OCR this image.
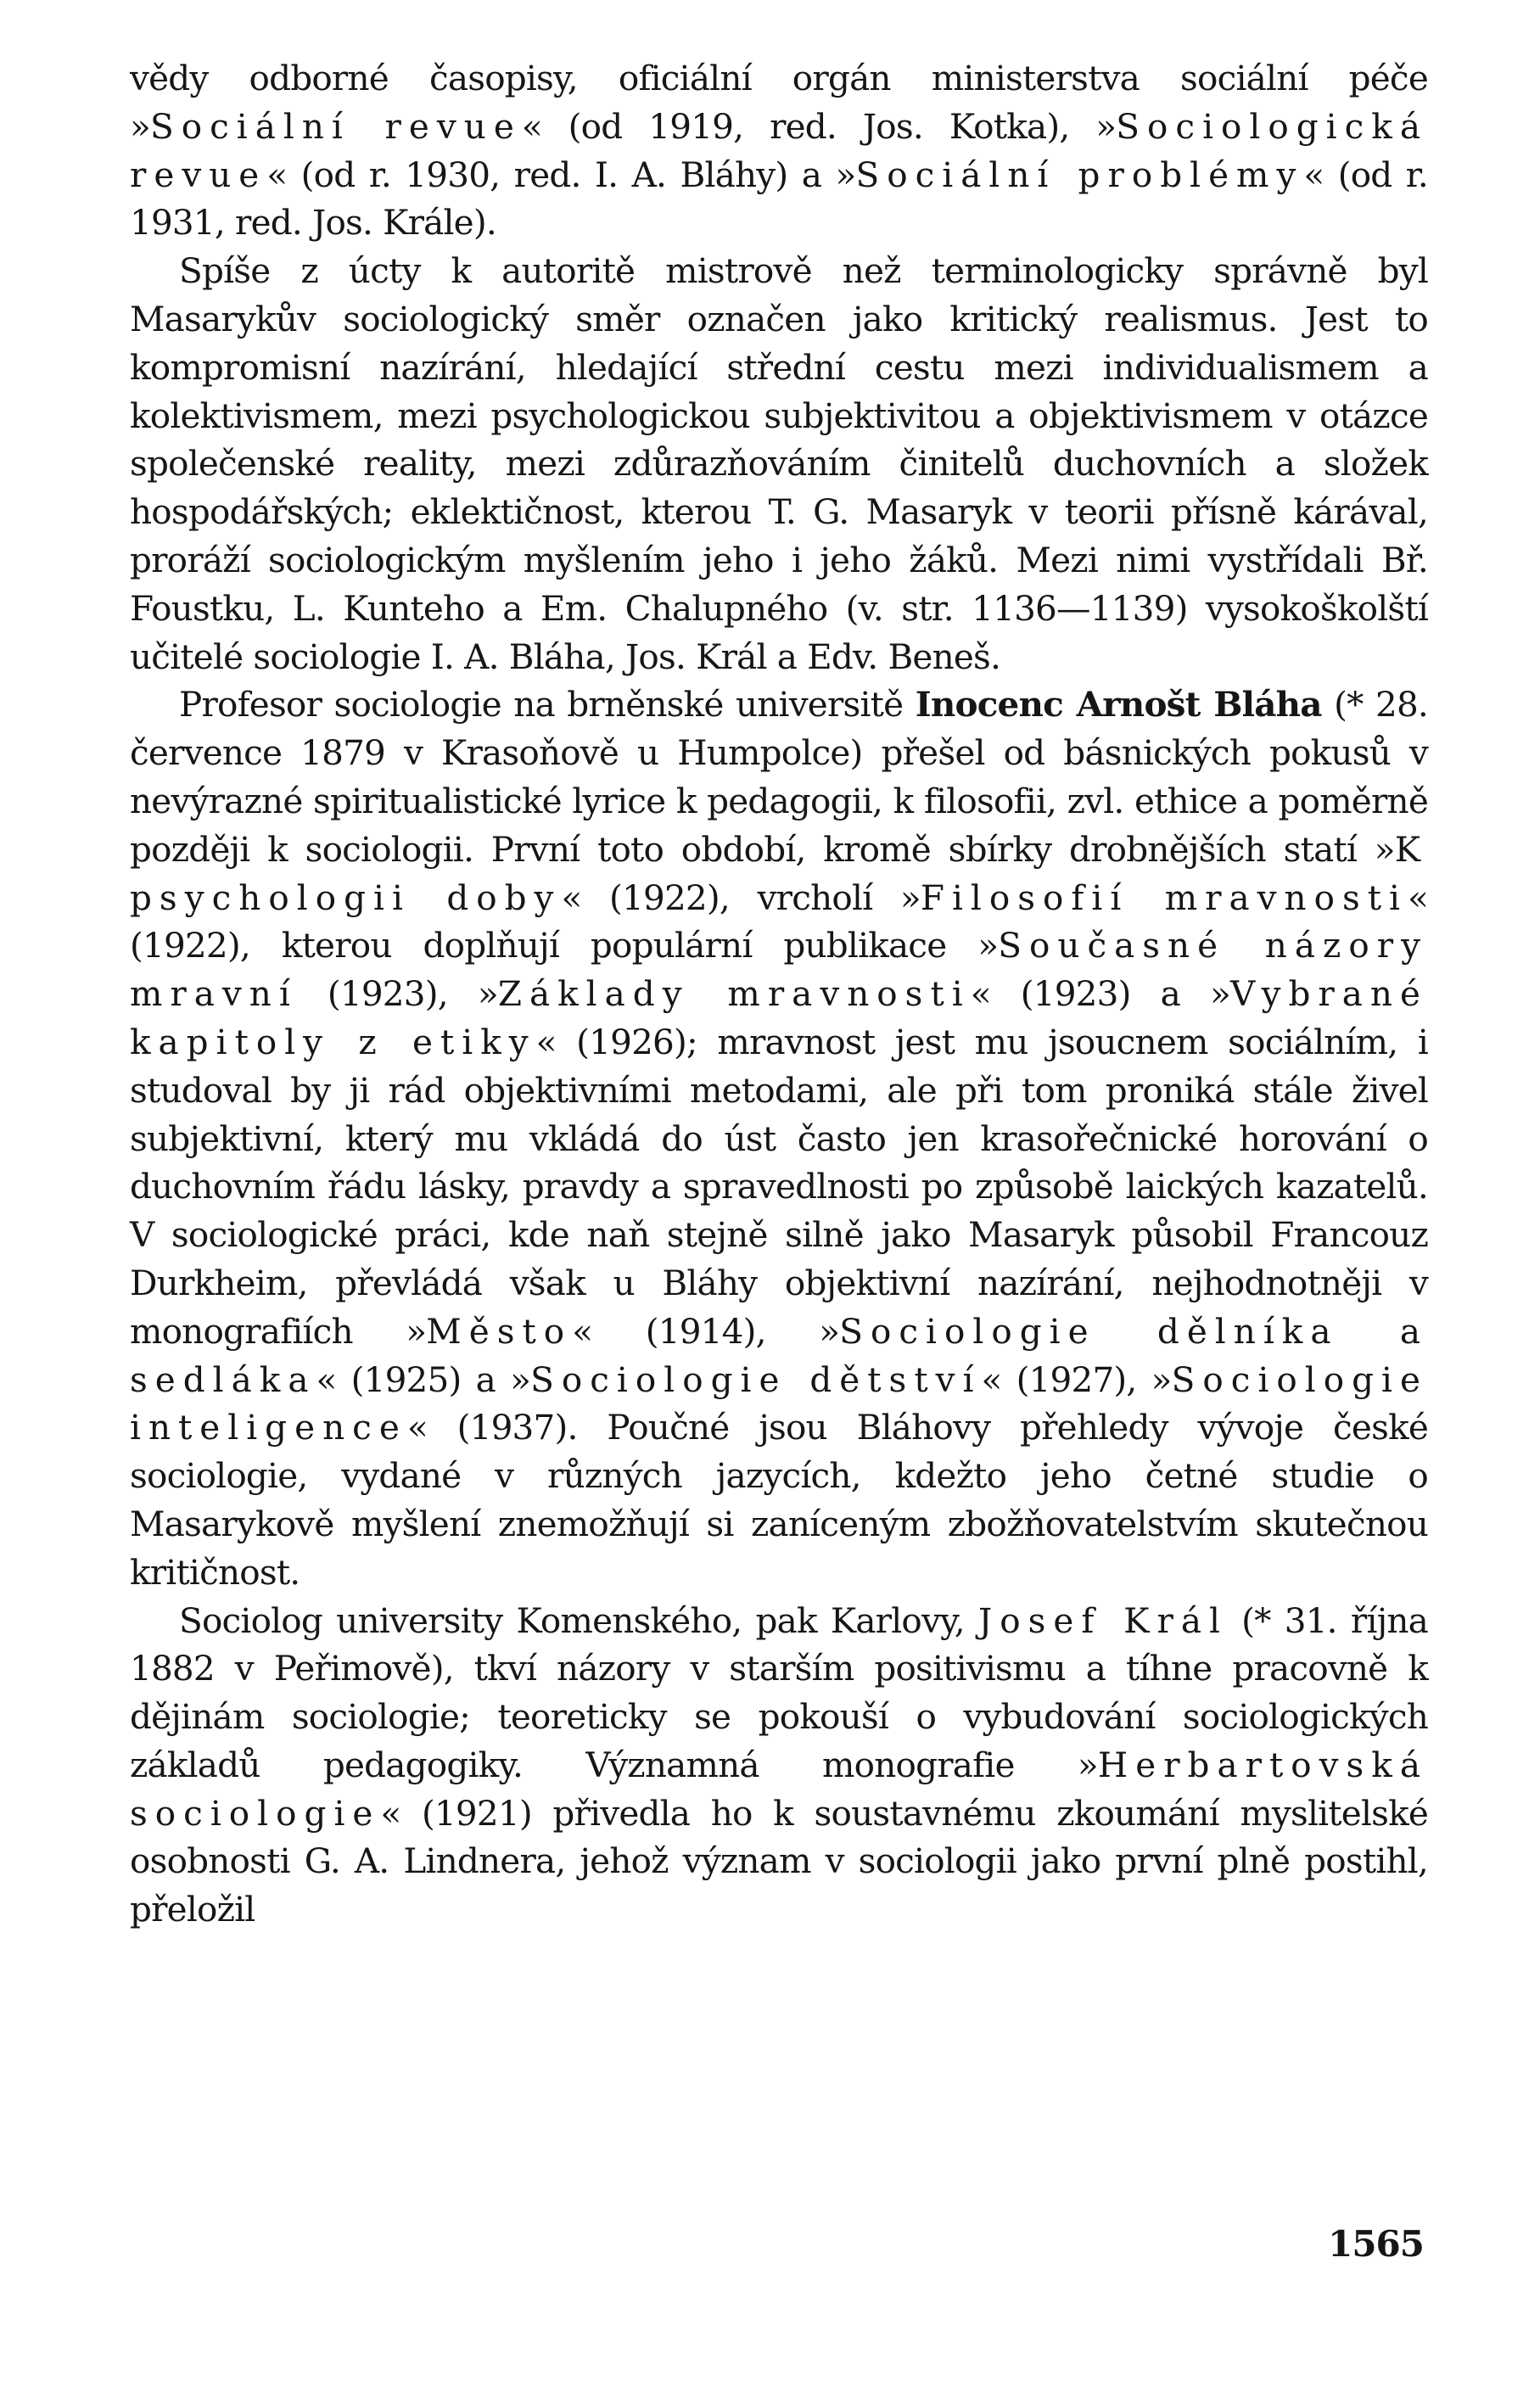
vědy odborné časopisy, oficiální orgán ministerstva sociální péče »Sociální revue« (od 1919, red. Jos. Kotka), »Sociologická revue« (od r. 1930, red. I. A. Bláhy) a »Sociální problémy« (od r. 1931, red. Jos. Krále).

Spíše z úcty k autoritě mistrově než terminologicky správně byl Masarykův sociologický směr označen jako kritický realismus. Jest to kompromisní nazírání, hledající střední cestu mezi individualismem a kolektivismem, mezi psychologickou subjektivitou a objektivismem v otázce společenské reality, mezi zdůrazňováním činitelů duchovních a složek hospodářských; eklektičnost, kterou T. G. Masaryk v teorii přísně kárával, proráží sociologickým myšlením jeho i jeho žáků. Mezi nimi vystřídali Bř. Foustku, L. Kunteho a Em. Chalupného (v. str. 1136—1139) vysokoškolští učitelé sociologie I. A. Bláha, Jos. Král a Edv. Beneš.

Profesor sociologie na brněnské universitě Inocenc Arnošt Bláha (* 28. července 1879 v Krasoňově u Humpolce) přešel od básnických pokusů v nevýrazné spiritualistické lyrice k pedagogii, k filosofii, zvl. ethice a poměrně později k sociologii. První toto období, kromě sbírky drobnějších statí »K psychologii doby« (1922), vrcholí »Filosofií mravnosti« (1922), kterou doplňují populární publikace »Současné názory mravní (1923), »Základy mravnosti« (1923) a »Vybrané kapitoly z etiky« (1926); mravnost jest mu jsoucnem sociálním, i studoval by ji rád objektivními metodami, ale při tom proniká stále živel subjektivní, který mu vkládá do úst často jen krasořečnické horování o duchovním řádu lásky, pravdy a spravedlnosti po způsobě laických kazatelů. V sociologické práci, kde naň stejně silně jako Masaryk působil Francouz Durkheim, převládá však u Bláhy objektivní nazírání, nejhodnotněji v monografiích »Město« (1914), »Sociologie dělníka a sedláka« (1925) a »Sociologie dětství« (1927), »Sociologie inteligence« (1937). Poučné jsou Bláhovy přehledy vývoje české sociologie, vydané v různých jazycích, kdežto jeho četné studie o Masarykově myšlení znemožňují si zaníceným zbožňovatelstvím skutečnou kritičnost.

Sociolog university Komenského, pak Karlovy, Josef Král (* 31. října 1882 v Peřimově), tkví názory v starším positivismu a tíhne pracovně k dějinám sociologie; teoreticky se pokouší o vybudování sociologických základů pedagogiky. Významná monografie »Herbartovská sociologie« (1921) přivedla ho k soustavnému zkoumání myslitelské osobnosti G. A. Lindnera, jehož význam v sociologii jako první plně postihl, přeložil

1565
